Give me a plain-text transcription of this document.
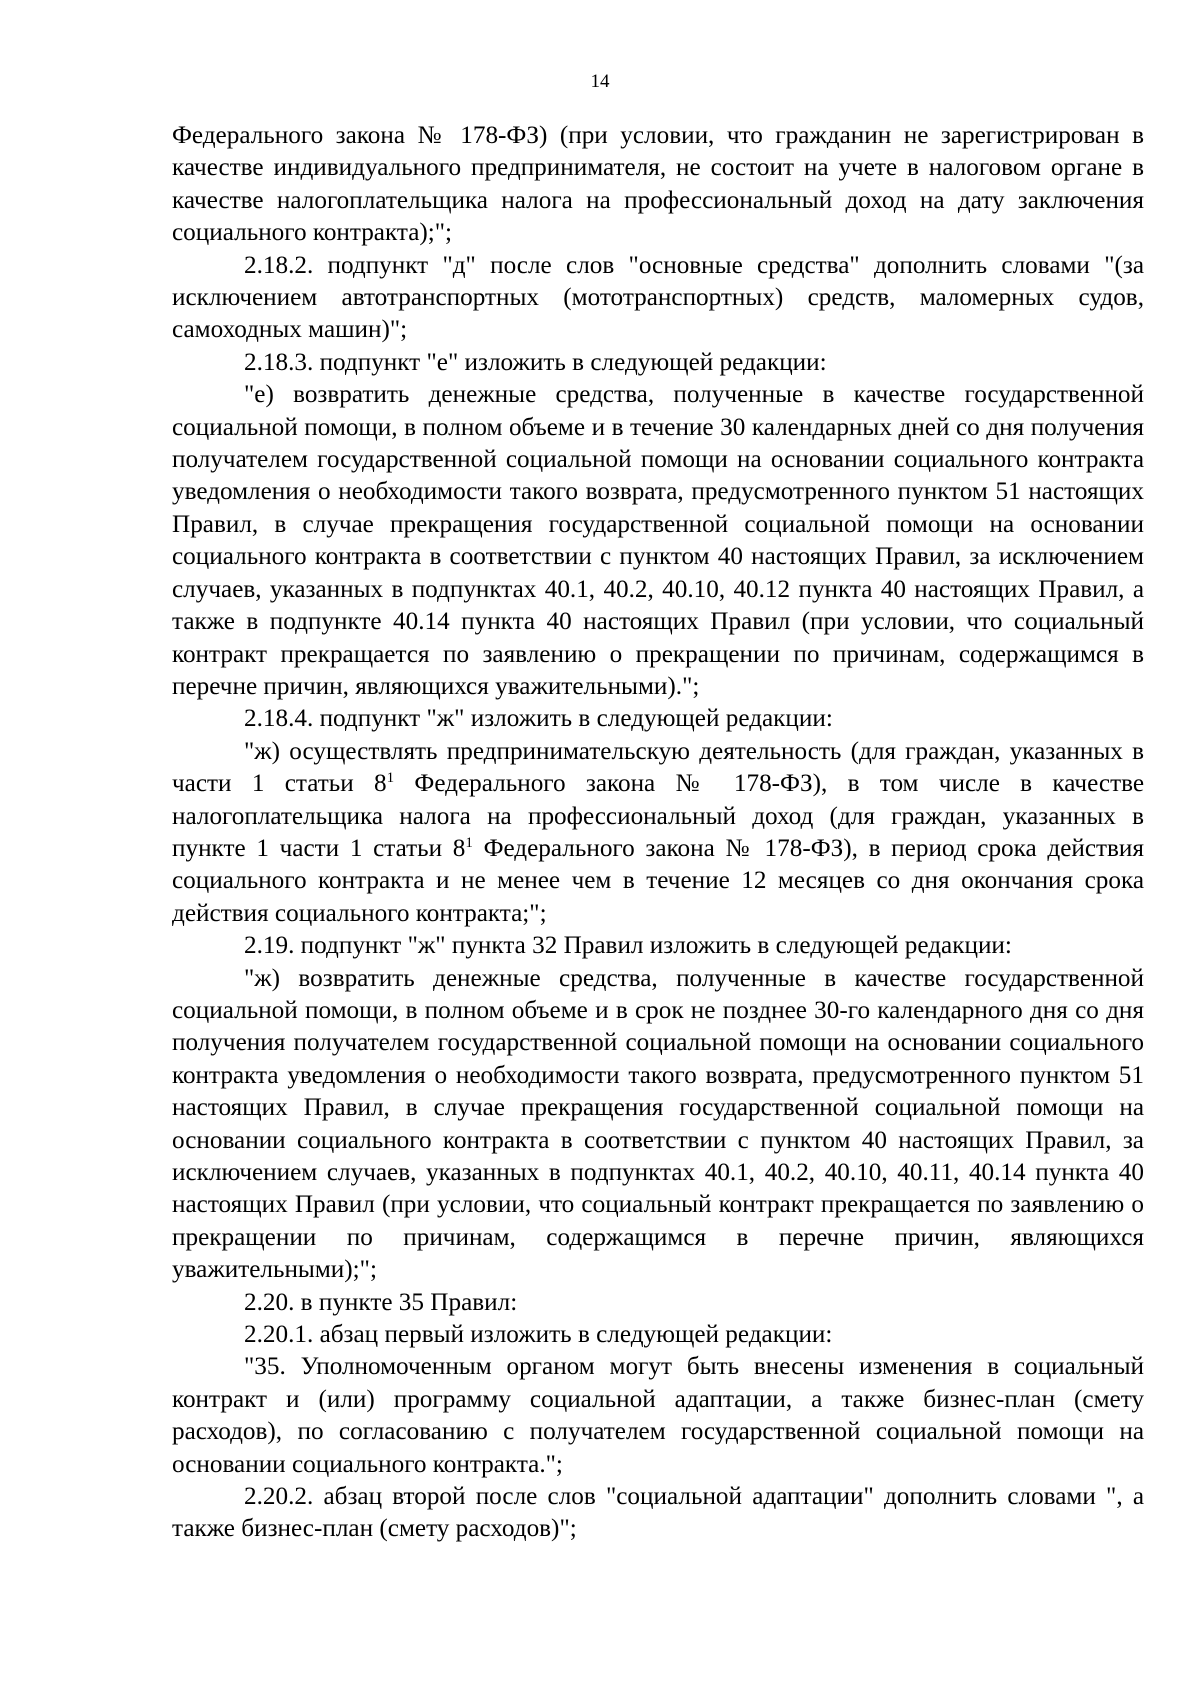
14

Федерального закона № 178-ФЗ) (при условии, что гражданин не зарегистрирован в качестве индивидуального предпринимателя, не состоит на учете в налоговом органе в качестве налогоплательщика налога на профессиональный доход на дату заключения социального контракта);";

2.18.2. подпункт "д" после слов "основные средства" дополнить словами "(за исключением автотранспортных (мототранспортных) средств, маломерных судов, самоходных машин)";

2.18.3. подпункт "е" изложить в следующей редакции:

"е) возвратить денежные средства, полученные в качестве государственной социальной помощи, в полном объеме и в течение 30 календарных дней со дня получения получателем государственной социальной помощи на основании социального контракта уведомления о необходимости такого возврата, предусмотренного пунктом 51 настоящих Правил, в случае прекращения государственной социальной помощи на основании социального контракта в соответствии с пунктом 40 настоящих Правил, за исключением случаев, указанных в подпунктах 40.1, 40.2, 40.10, 40.12 пункта 40 настоящих Правил, а также в подпункте 40.14 пункта 40 настоящих Правил (при условии, что социальный контракт прекращается по заявлению о прекращении по причинам, содержащимся в перечне причин, являющихся уважительными).";

2.18.4. подпункт "ж" изложить в следующей редакции:

"ж) осуществлять предпринимательскую деятельность (для граждан, указанных в части 1 статьи $8^1$ Федерального закона № 178-ФЗ), в том числе в качестве налогоплательщика налога на профессиональный доход (для граждан, указанных в пункте 1 части 1 статьи $8^1$ Федерального закона № 178-ФЗ), в период срока действия социального контракта и не менее чем в течение 12 месяцев со дня окончания срока действия социального контракта;";

2.19. подпункт "ж" пункта 32 Правил изложить в следующей редакции:

"ж) возвратить денежные средства, полученные в качестве государственной социальной помощи, в полном объеме и в срок не позднее 30-го календарного дня со дня получения получателем государственной социальной помощи на основании социального контракта уведомления о необходимости такого возврата, предусмотренного пунктом 51 настоящих Правил, в случае прекращения государственной социальной помощи на основании социального контракта в соответствии с пунктом 40 настоящих Правил, за исключением случаев, указанных в подпунктах 40.1, 40.2, 40.10, 40.11, 40.14 пункта 40 настоящих Правил (при условии, что социальный контракт прекращается по заявлению о прекращении по причинам, содержащимся в перечне причин, являющихся уважительными);";

2.20. в пункте 35 Правил:

2.20.1. абзац первый изложить в следующей редакции:

"35. Уполномоченным органом могут быть внесены изменения в социальный контракт и (или) программу социальной адаптации, а также бизнес-план (смету расходов), по согласованию с получателем государственной социальной помощи на основании социального контракта.";

2.20.2. абзац второй после слов "социальной адаптации" дополнить словами ", а также бизнес-план (смету расходов)";
